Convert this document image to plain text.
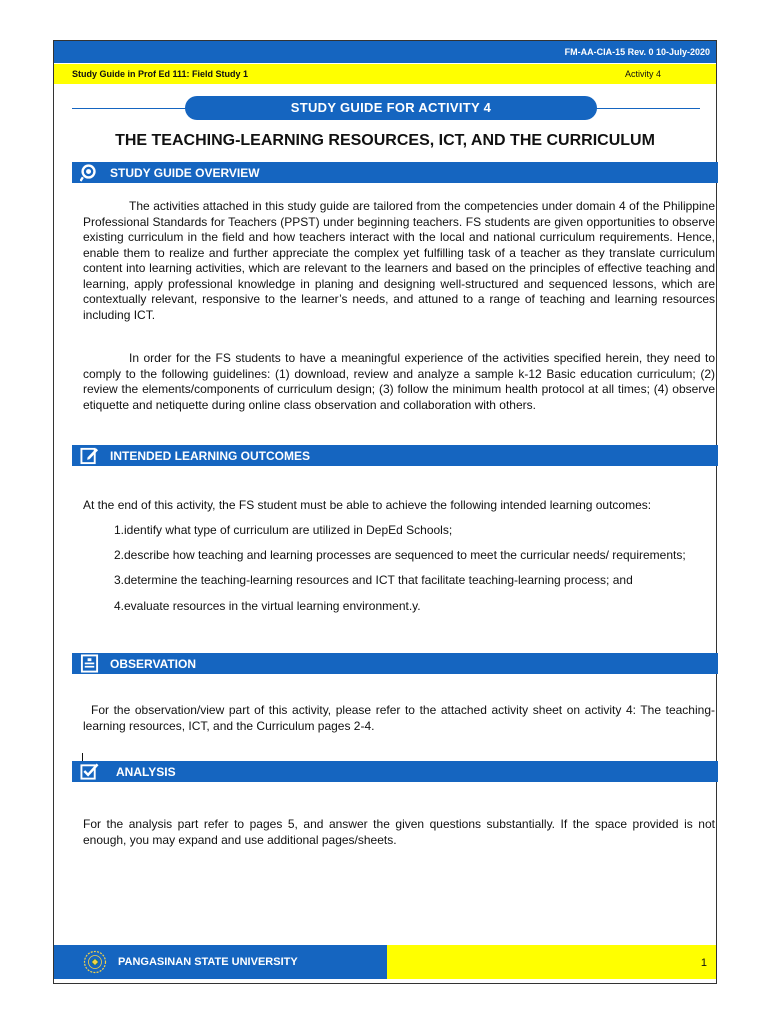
FM-AA-CIA-15 Rev. 0 10-July-2020
Study Guide in Prof Ed 111: Field Study 1	Activity 4
STUDY GUIDE FOR ACTIVITY 4
THE TEACHING-LEARNING RESOURCES, ICT, AND THE CURRICULUM
STUDY GUIDE OVERVIEW

The activities attached in this study guide are tailored from the competencies under domain 4 of the Philippine Professional Standards for Teachers (PPST) under beginning teachers. FS students are given opportunities to observe existing curriculum in the field and how teachers interact with the local and national curriculum requirements. Hence, enable them to realize and further appreciate the complex yet fulfilling task of a teacher as they translate curriculum content into learning activities, which are relevant to the learners and based on the principles of effective teaching and learning, apply professional knowledge in planing and designing well-structured and sequenced lessons, which are contextually relevant, responsive to the learner’s needs, and attuned to a range of teaching and learning resources including ICT.

In order for the FS students to have a meaningful experience of the activities specified herein, they need to comply to the following guidelines: (1) download, review and analyze a sample k-12 Basic education curriculum; (2) review the elements/components of curriculum design; (3) follow the minimum health protocol at all times; (4) observe etiquette and netiquette during online class observation and collaboration with others.

INTENDED LEARNING OUTCOMES

At the end of this activity, the FS student must be able to achieve the following intended learning outcomes:

1.identify what type of curriculum are utilized in DepEd Schools;
2.describe how teaching and learning processes are sequenced to meet the curricular needs/ requirements;
3.determine the teaching-learning resources and ICT that facilitate teaching-learning process; and
4.evaluate resources in the virtual learning environment.y.
OBSERVATION

For the observation/view part of this activity, please refer to the attached activity sheet on activity 4: The teaching-learning resources, ICT, and the Curriculum pages 2-4.

ANALYSIS

For the analysis part refer to pages 5, and answer the given questions substantially. If the space provided is not enough, you may expand and use additional pages/sheets.

PANGASINAN STATE UNIVERSITY	1
